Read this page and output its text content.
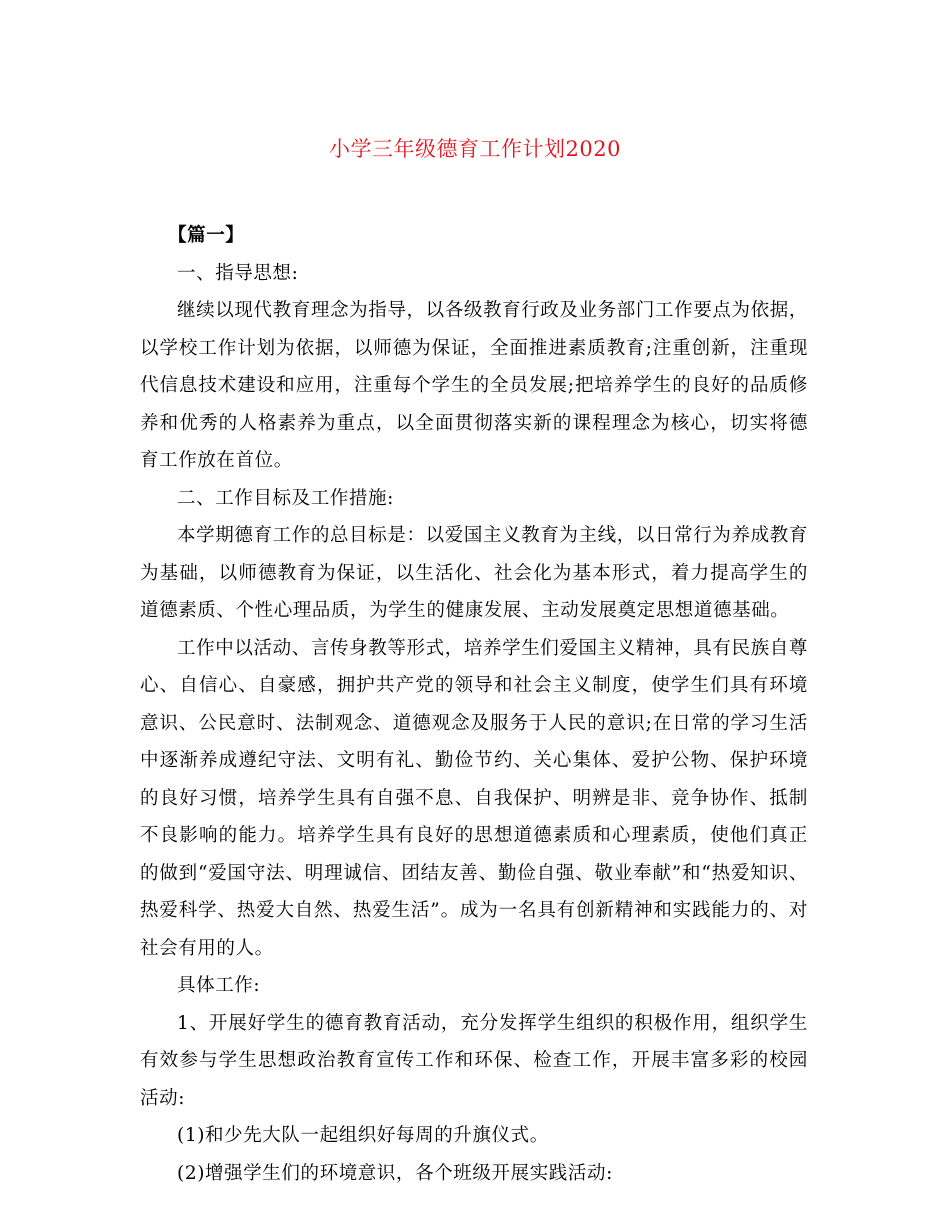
小学三年级德育工作计划2020

【篇一】

一、指导思想:

继续以现代教育理念为指导，以各级教育行政及业务部门工作要点为依据，以学校工作计划为依据，以师德为保证，全面推进素质教育;注重创新，注重现代信息技术建设和应用，注重每个学生的全员发展;把培养学生的良好的品质修养和优秀的人格素养为重点，以全面贯彻落实新的课程理念为核心，切实将德育工作放在首位。

二、工作目标及工作措施:

本学期德育工作的总目标是：以爱国主义教育为主线，以日常行为养成教育为基础，以师德教育为保证，以生活化、社会化为基本形式，着力提高学生的道德素质、个性心理品质，为学生的健康发展、主动发展奠定思想道德基础。

工作中以活动、言传身教等形式，培养学生们爱国主义精神，具有民族自尊心、自信心、自豪感，拥护共产党的领导和社会主义制度，使学生们具有环境意识、公民意时、法制观念、道德观念及服务于人民的意识;在日常的学习生活中逐渐养成遵纪守法、文明有礼、勤俭节约、关心集体、爱护公物、保护环境的良好习惯，培养学生具有自强不息、自我保护、明辨是非、竞争协作、抵制不良影响的能力。培养学生具有良好的思想道德素质和心理素质，使他们真正的做到“爱国守法、明理诚信、团结友善、勤俭自强、敬业奉献”和“热爱知识、热爱科学、热爱大自然、热爱生活”。成为一名具有创新精神和实践能力的、对社会有用的人。

具体工作:

1、开展好学生的德育教育活动，充分发挥学生组织的积极作用，组织学生有效参与学生思想政治教育宣传工作和环保、检查工作，开展丰富多彩的校园活动:

(1)和少先大队一起组织好每周的升旗仪式。

(2)增强学生们的环境意识，各个班级开展实践活动:
